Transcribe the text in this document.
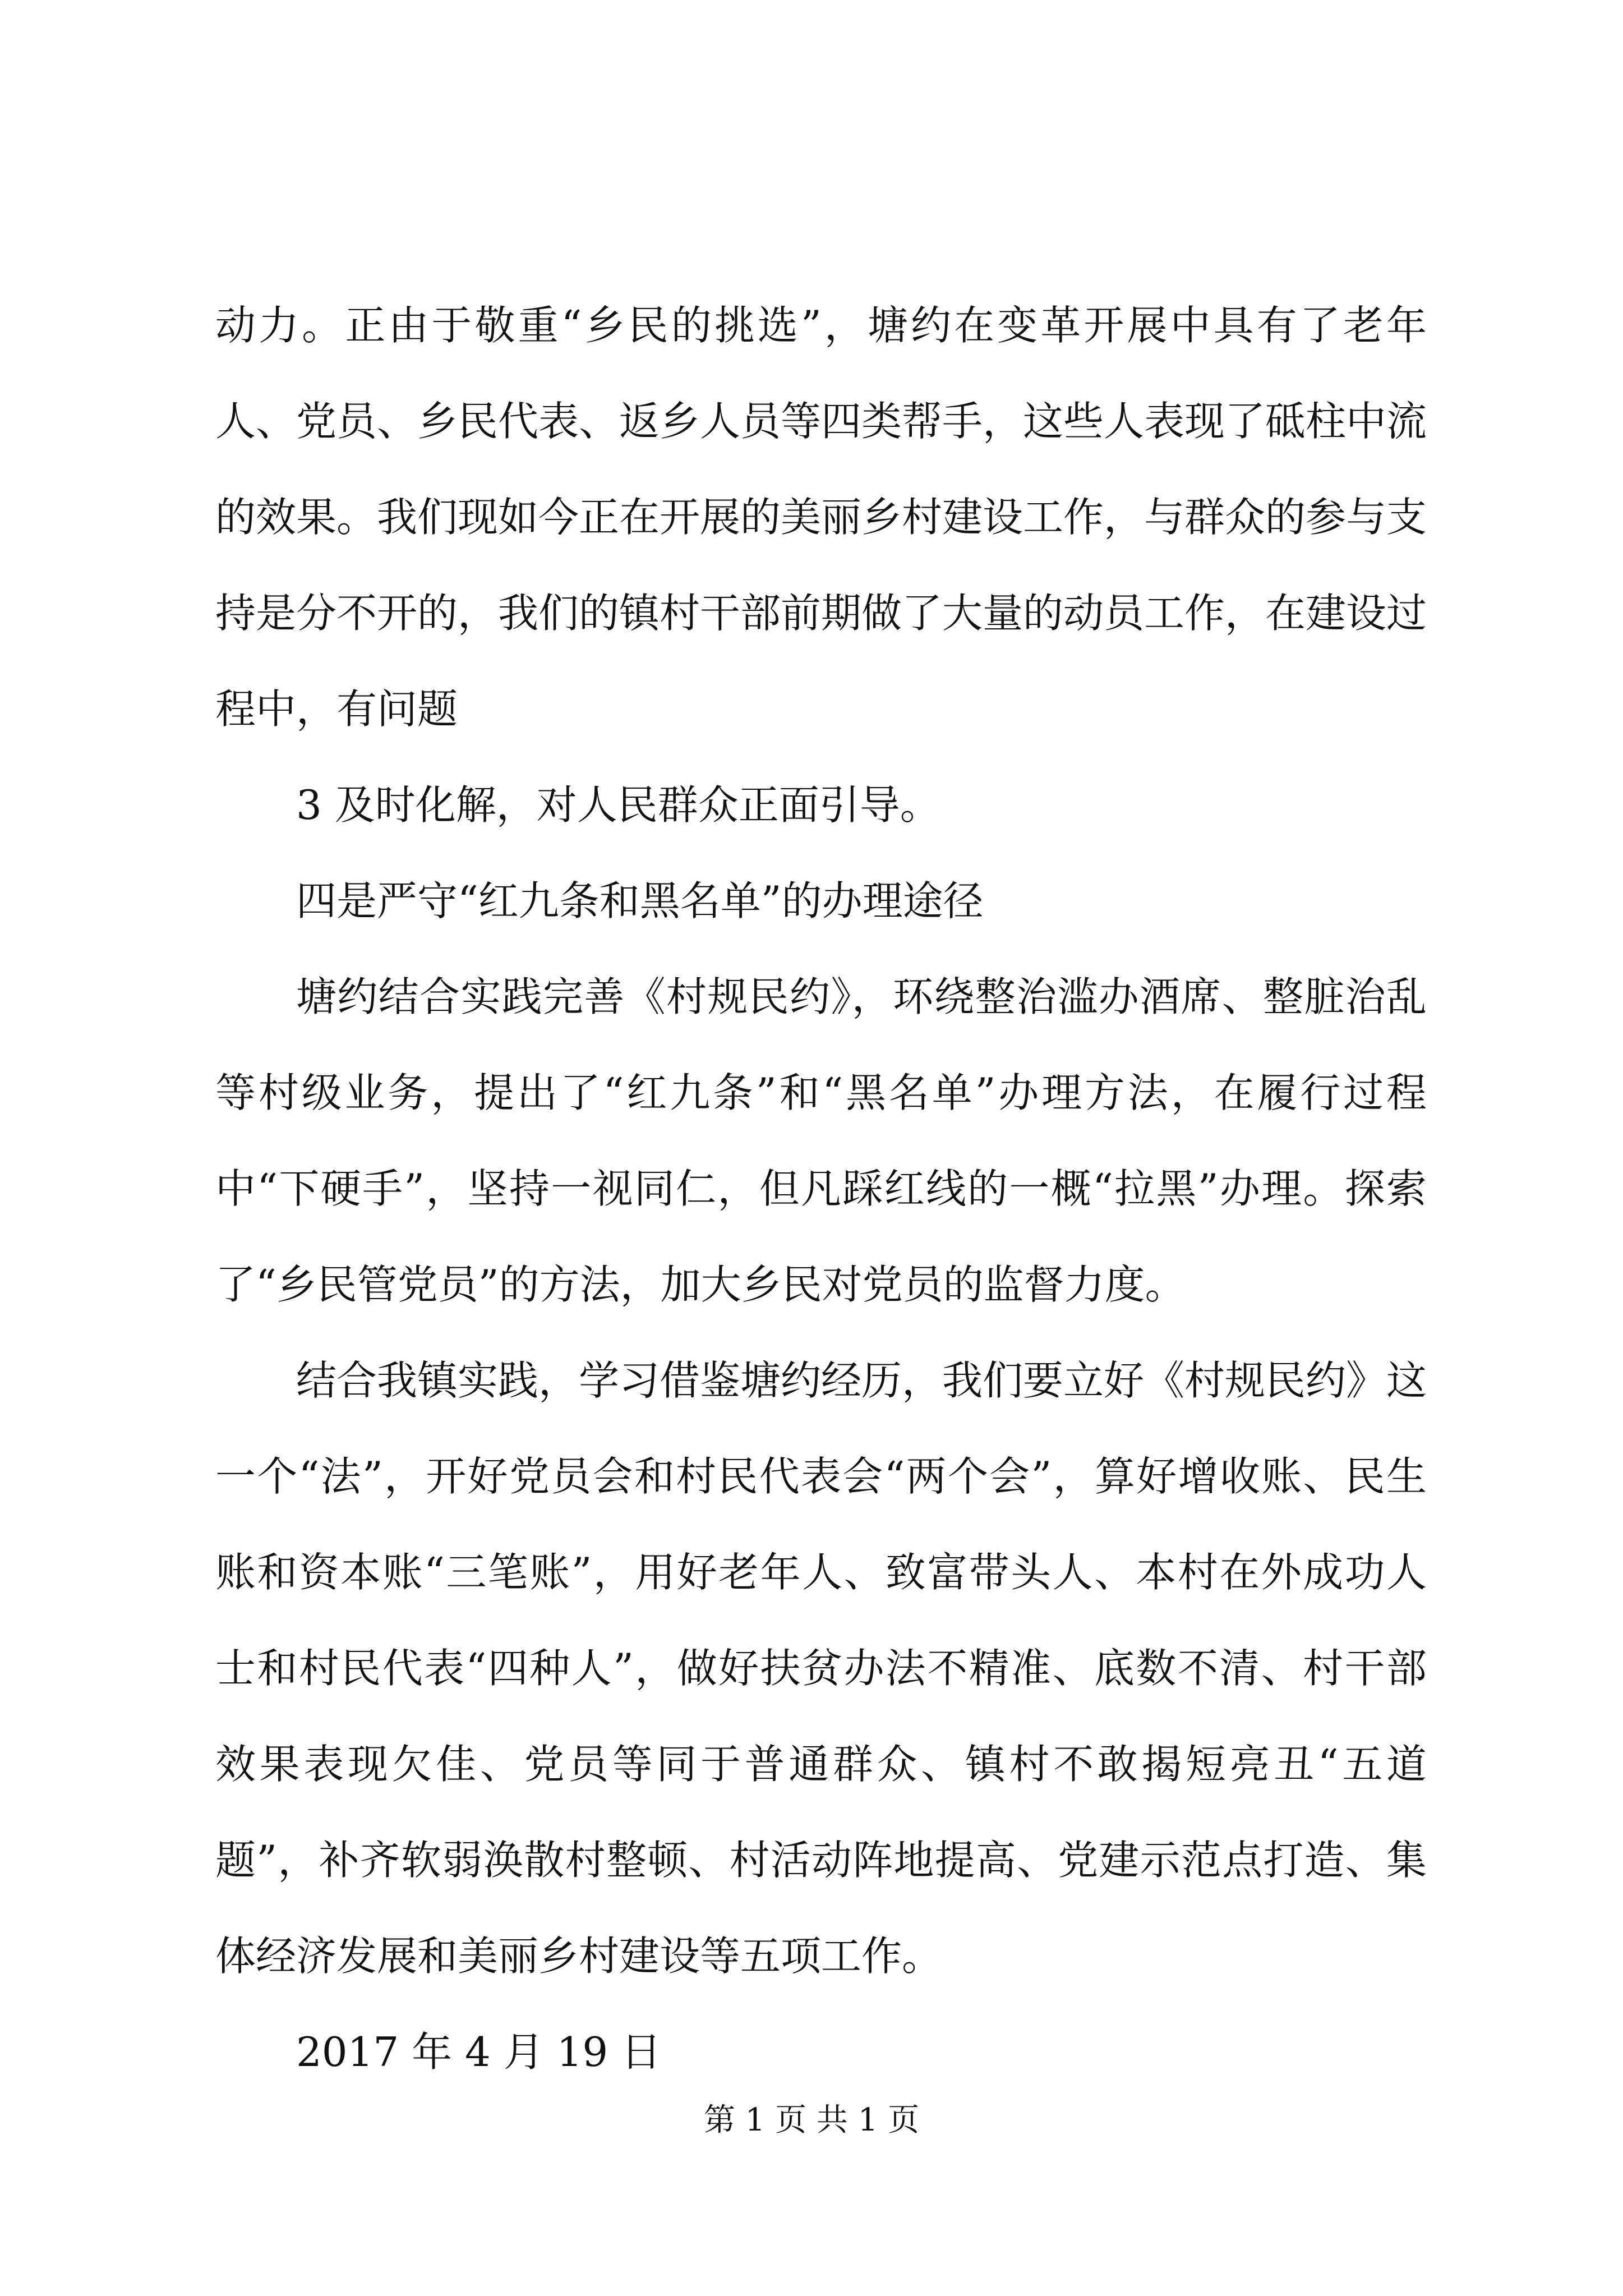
动力。正由于敬重“乡民的挑选”，塘约在变革开展中具有了老年人、党员、乡民代表、返乡人员等四类帮手，这些人表现了砥柱中流的效果。我们现如今正在开展的美丽乡村建设工作，与群众的参与支持是分不开的，我们的镇村干部前期做了大量的动员工作，在建设过程中，有问题

3 及时化解，对人民群众正面引导。

四是严守“红九条和黑名单”的办理途径

塘约结合实践完善《村规民约》，环绕整治滥办酒席、整脏治乱等村级业务，提出了“红九条”和“黑名单”办理方法，在履行过程中“下硬手”，坚持一视同仁，但凡踩红线的一概“拉黑”办理。探索了“乡民管党员”的方法，加大乡民对党员的监督力度。

结合我镇实践，学习借鉴塘约经历，我们要立好《村规民约》这一个“法”，开好党员会和村民代表会“两个会”，算好增收账、民生账和资本账“三笔账”，用好老年人、致富带头人、本村在外成功人士和村民代表“四种人”，做好扶贫办法不精准、底数不清、村干部效果表现欠佳、党员等同于普通群众、镇村不敢揭短亮丑“五道题”，补齐软弱涣散村整顿、村活动阵地提高、党建示范点打造、集体经济发展和美丽乡村建设等五项工作。

2017 年 4 月 19 日

第 1 页 共 1 页
